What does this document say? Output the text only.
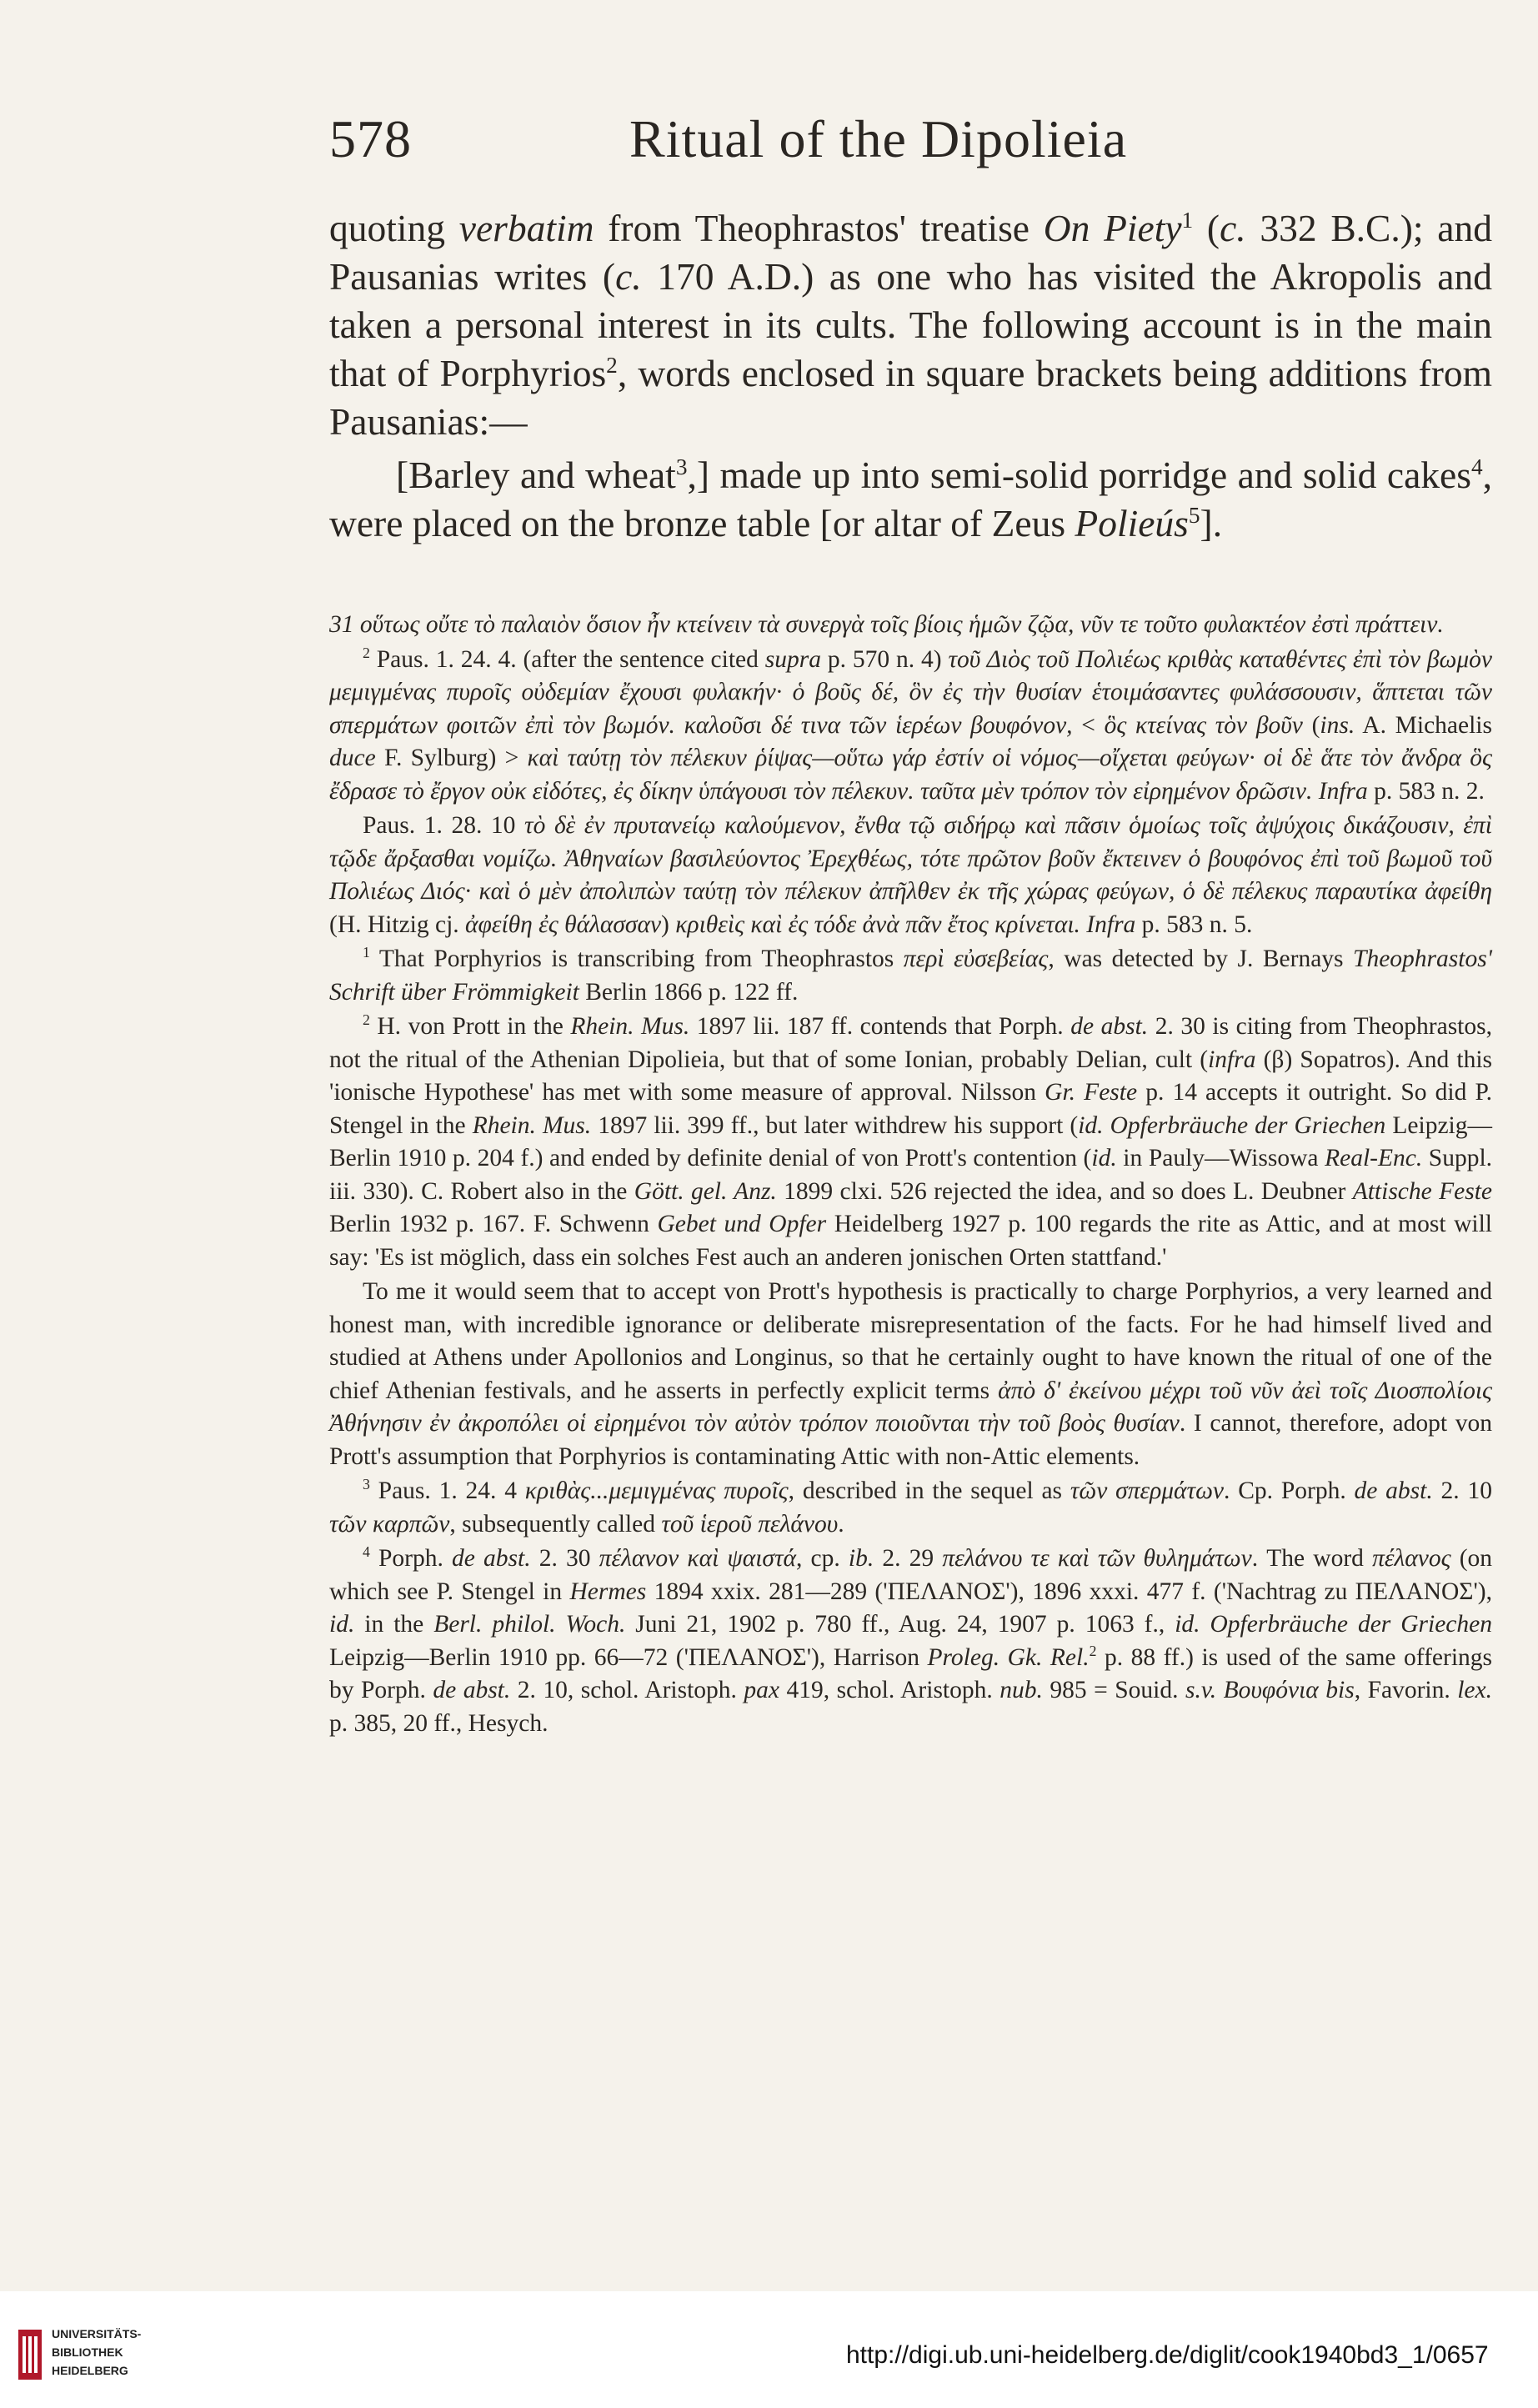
578	Ritual of the Dipolieia

quoting verbatim from Theophrastos' treatise On Piety$^1$ (c. 332 B.C.); and Pausanias writes (c. 170 A.D.) as one who has visited the Akropolis and taken a personal interest in its cults. The following account is in the main that of Porphyrios$^2$, words enclosed in square brackets being additions from Pausanias:—

[Barley and wheat$^3$,] made up into semi-solid porridge and solid cakes$^4$, were placed on the bronze table [or altar of Zeus Polieús$^5$].

31 οὕτως οὔτε τὸ παλαιὸν ὅσιον ἦν κτείνειν τὰ συνεργὰ τοῖς βίοις ἡμῶν ζῷα, νῦν τε τοῦτο φυλακτέον ἐστὶ πράττειν.

$^2$ Paus. 1. 24. 4. (after the sentence cited supra p. 570 n. 4) τοῦ Διὸς τοῦ Πολιέως κριθὰς καταθέντες ἐπὶ τὸν βωμὸν μεμιγμένας πυροῖς οὐδεμίαν ἔχουσι φυλακήν· ὁ βοῦς δέ, ὃν ἐς τὴν θυσίαν ἑτοιμάσαντες φυλάσσουσιν, ἅπτεται τῶν σπερμάτων φοιτῶν ἐπὶ τὸν βωμόν. καλοῦσι δέ τινα τῶν ἱερέων βουφόνον, < ὃς κτείνας τὸν βοῦν (ins. A. Michaelis duce F. Sylburg) > καὶ ταύτῃ τὸν πέλεκυν ῥίψας—οὕτω γάρ ἐστίν οἱ νόμος—οἴχεται φεύγων· οἱ δὲ ἅτε τὸν ἄνδρα ὃς ἔδρασε τὸ ἔργον οὐκ εἰδότες, ἐς δίκην ὑπάγουσι τὸν πέλεκυν. ταῦτα μὲν τρόπον τὸν εἰρημένον δρῶσιν. Infra p. 583 n. 2.

Paus. 1. 28. 10 τὸ δὲ ἐν πρυτανείῳ καλούμενον, ἔνθα τῷ σιδήρῳ καὶ πᾶσιν ὁμοίως τοῖς ἀψύχοις δικάζουσιν, ἐπὶ τῷδε ἄρξασθαι νομίζω. Ἀθηναίων βασιλεύοντος Ἐρεχθέως, τότε πρῶτον βοῦν ἔκτεινεν ὁ βουφόνος ἐπὶ τοῦ βωμοῦ τοῦ Πολιέως Διός· καὶ ὁ μὲν ἀπολιπὼν ταύτῃ τὸν πέλεκυν ἀπῆλθεν ἐκ τῆς χώρας φεύγων, ὁ δὲ πέλεκυς παραυτίκα ἀφείθη (H. Hitzig cj. ἀφείθη ἐς θάλασσαν) κριθεὶς καὶ ἐς τόδε ἀνὰ πᾶν ἔτος κρίνεται. Infra p. 583 n. 5.

$^1$ That Porphyrios is transcribing from Theophrastos περὶ εὐσεβείας, was detected by J. Bernays Theophrastos' Schrift über Frömmigkeit Berlin 1866 p. 122 ff.

$^2$ H. von Prott in the Rhein. Mus. 1897 lii. 187 ff. contends that Porph. de abst. 2. 30 is citing from Theophrastos, not the ritual of the Athenian Dipolieia, but that of some Ionian, probably Delian, cult (infra (β) Sopatros). And this 'ionische Hypothese' has met with some measure of approval. Nilsson Gr. Feste p. 14 accepts it outright. So did P. Stengel in the Rhein. Mus. 1897 lii. 399 ff., but later withdrew his support (id. Opferbräuche der Griechen Leipzig—Berlin 1910 p. 204 f.) and ended by definite denial of von Prott's contention (id. in Pauly—Wissowa Real-Enc. Suppl. iii. 330). C. Robert also in the Gött. gel. Anz. 1899 clxi. 526 rejected the idea, and so does L. Deubner Attische Feste Berlin 1932 p. 167. F. Schwenn Gebet und Opfer Heidelberg 1927 p. 100 regards the rite as Attic, and at most will say: 'Es ist möglich, dass ein solches Fest auch an anderen jonischen Orten stattfand.'

To me it would seem that to accept von Prott's hypothesis is practically to charge Porphyrios, a very learned and honest man, with incredible ignorance or deliberate misrepresentation of the facts. For he had himself lived and studied at Athens under Apollonios and Longinus, so that he certainly ought to have known the ritual of one of the chief Athenian festivals, and he asserts in perfectly explicit terms ἀπὸ δ' ἐκείνου μέχρι τοῦ νῦν ἀεὶ τοῖς Διοσπολίοις Ἀθήνησιν ἐν ἀκροπόλει οἱ εἰρημένοι τὸν αὐτὸν τρόπον ποιοῦνται τὴν τοῦ βοὸς θυσίαν. I cannot, therefore, adopt von Prott's assumption that Porphyrios is contaminating Attic with non-Attic elements.

$^3$ Paus. 1. 24. 4 κριθὰς...μεμιγμένας πυροῖς, described in the sequel as τῶν σπερμάτων. Cp. Porph. de abst. 2. 10 τῶν καρπῶν, subsequently called τοῦ ἱεροῦ πελάνου.

$^4$ Porph. de abst. 2. 30 πέλανον καὶ ψαιστά, cp. ib. 2. 29 πελάνου τε καὶ τῶν θυλημάτων. The word πέλανος (on which see P. Stengel in Hermes 1894 xxix. 281—289 ('ΠΕΛΑΝΟΣ'), 1896 xxxi. 477 f. ('Nachtrag zu ΠΕΛΑΝΟΣ'), id. in the Berl. philol. Woch. Juni 21, 1902 p. 780 ff., Aug. 24, 1907 p. 1063 f., id. Opferbräuche der Griechen Leipzig—Berlin 1910 pp. 66—72 ('ΠΕΛΑΝΟΣ'), Harrison Proleg. Gk. Rel.$^2$ p. 88 ff.) is used of the same offerings by Porph. de abst. 2. 10, schol. Aristoph. pax 419, schol. Aristoph. nub. 985 = Souid. s.v. Βουφόνια bis, Favorin. lex. p. 385, 20 ff., Hesych.

UNIVERSITÄTS-
BIBLIOTHEK
HEIDELBERG
http://digi.ub.uni-heidelberg.de/diglit/cook1940bd3_1/0657
